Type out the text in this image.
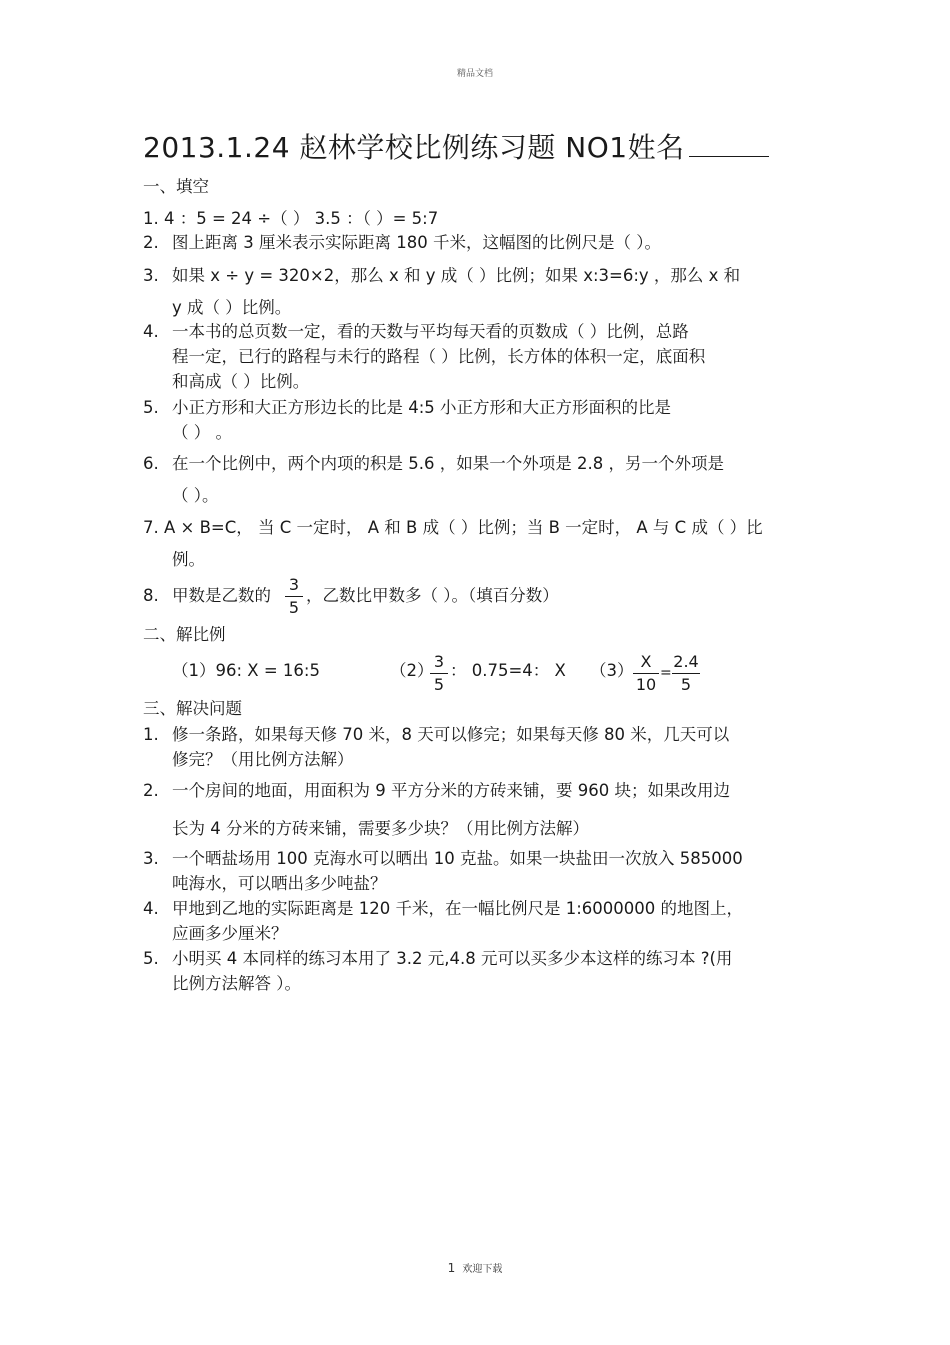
精品文档
2013.1.24 赵林学校比例练习题 NO1姓名
一、填空
1. 4 ：5 = 24 ÷（ ） 3.5 ：（ ）= 5:7
2. 图上距离 3 厘米表示实际距离 180 千米，这幅图的比例尺是（ ）。
3. 如果 x ÷ y = 320×2，那么 x 和 y 成（ ）比例；如果 x:3=6:y ，那么 x 和
y 成（ ）比例。
4. 一本书的总页数一定，看的天数与平均每天看的页数成（ ）比例，总路
程一定，已行的路程与未行的路程（ ）比例，长方体的体积一定，底面积
和高成（ ）比例。
5. 小正方形和大正方形边长的比是 4:5 小正方形和大正方形面积的比是
（ ） 。
6. 在一个比例中，两个内项的积是 5.6 ，如果一个外项是 2.8 ，另一个外项是
（ ）。
7. A × B=C， 当 C 一定时， A 和 B 成（ ）比例；当 B 一定时， A 与 C 成（ ）比
例。
8. 甲数是乙数的
3
5
，乙数比甲数多（ ）。（填百分数）
二、解比例
（1）96: X = 16:5	（2） 3
5
： 0.75=4： X （3） X
10
=
2.4
5
三、解决问题
1. 修一条路，如果每天修 70 米，8 天可以修完；如果每天修 80 米，几天可以
修完？（用比例方法解）
2. 一个房间的地面，用面积为 9 平方分米的方砖来铺，要 960 块；如果改用边
长为 4 分米的方砖来铺，需要多少块？（用比例方法解）
3. 一个晒盐场用 100 克海水可以晒出 10 克盐。如果一块盐田一次放入 585000
吨海水，可以晒出多少吨盐？
4. 甲地到乙地的实际距离是 120 千米，在一幅比例尺是 1:6000000 的地图上，
应画多少厘米？
5. 小明买 4 本同样的练习本用了 3.2 元,4.8 元可以买多少本这样的练习本 ?(用
比例方法解答 ）。
1 欢迎下载
